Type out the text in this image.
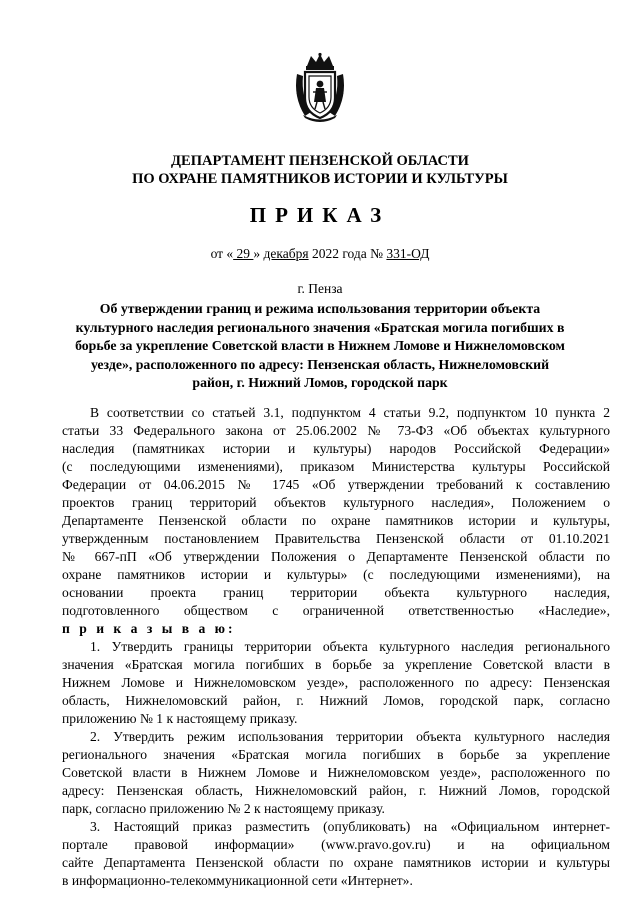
ДЕПАРТАМЕНТ ПЕНЗЕНСКОЙ ОБЛАСТИ
ПО ОХРАНЕ ПАМЯТНИКОВ ИСТОРИИ И КУЛЬТУРЫ
ПРИКАЗ
от « 29 » декабря 2022 года № 331-ОД
г. Пенза
Об утверждении границ и режима использования территории объекта
культурного наследия регионального значения «Братская могила погибших в
борьбе за укрепление Советской власти в Нижнем Ломове и Нижнеломовском
уезде», расположенного по адресу: Пензенская область, Нижнеломовский
район, г. Нижний Ломов, городской парк
В соответствии со статьей 3.1, подпунктом 4 статьи 9.2, подпунктом 10 пункта 2
статьи 33 Федерального закона от 25.06.2002 № 73-ФЗ «Об объектах культурного
наследия (памятниках истории и культуры) народов Российской Федерации»
(с последующими изменениями), приказом Министерства культуры Российской
Федерации от 04.06.2015 № 1745 «Об утверждении требований к составлению
проектов границ территорий объектов культурного наследия», Положением о
Департаменте Пензенской области по охране памятников истории и культуры,
утвержденным постановлением Правительства Пензенской области от 01.10.2021
№ 667-пП «Об утверждении Положения о Департаменте Пензенской области по
охране памятников истории и культуры» (с последующими изменениями), на
основании проекта границ территории объекта культурного наследия,
подготовленного обществом с ограниченной ответственностью «Наследие»,
п р и к а з ы в а ю:
1. Утвердить границы территории объекта культурного наследия регионального
значения «Братская могила погибших в борьбе за укрепление Советской власти в
Нижнем Ломове и Нижнеломовском уезде», расположенного по адресу: Пензенская
область, Нижнеломовский район, г. Нижний Ломов, городской парк, согласно
приложению № 1 к настоящему приказу.
2. Утвердить режим использования территории объекта культурного наследия
регионального значения «Братская могила погибших в борьбе за укрепление
Советской власти в Нижнем Ломове и Нижнеломовском уезде», расположенного по
адресу: Пензенская область, Нижнеломовский район, г. Нижний Ломов, городской
парк, согласно приложению № 2 к настоящему приказу.
3. Настоящий приказ разместить (опубликовать) на «Официальном интернет-
портале правовой информации» (www.pravo.gov.ru) и на официальном
сайте Департамента Пензенской области по охране памятников истории и культуры
в информационно-телекоммуникационной сети «Интернет».
